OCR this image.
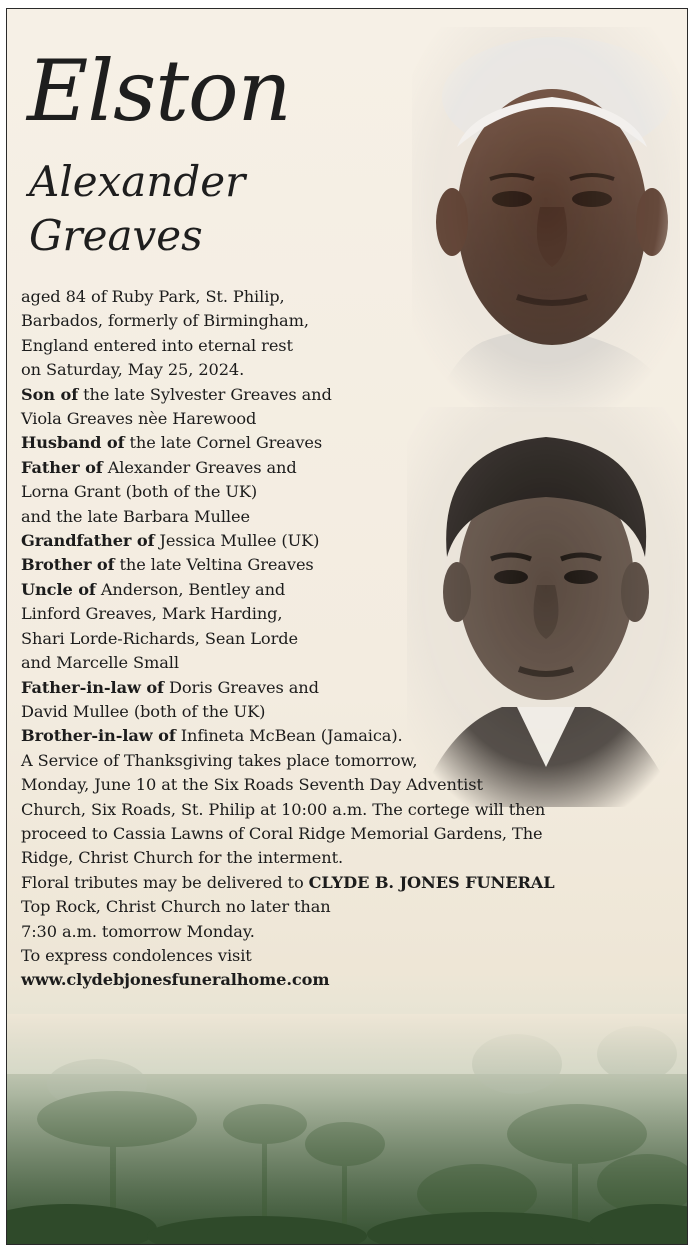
Elston
Alexander
Greaves

aged 84 of Ruby Park, St. Philip,

Barbados, formerly of Birmingham,

England entered into eternal rest

on Saturday, May 25, 2024.

Son of the late Sylvester Greaves and

Viola Greaves nèe Harewood

Husband of the late Cornel Greaves

Father of Alexander Greaves and

Lorna Grant (both of the UK)

and the late Barbara Mullee

Grandfather of Jessica Mullee (UK)

Brother of the late Veltina Greaves

Uncle of Anderson, Bentley and

Linford Greaves, Mark Harding,

Shari Lorde-Richards, Sean Lorde

and Marcelle Small

Father-in-law of Doris Greaves and

David Mullee (both of the UK)

Brother-in-law of Infineta McBean (Jamaica).

A Service of Thanksgiving takes place tomorrow,

Monday, June 10 at the Six Roads Seventh Day Adventist

Church, Six Roads, St. Philip at 10:00 a.m. The cortege will then

proceed to Cassia Lawns of Coral Ridge Memorial Gardens, The

Ridge, Christ Church for the interment.

Floral tributes may be delivered to CLYDE B. JONES FUNERAL

Top Rock, Christ Church no later than

7:30 a.m. tomorrow Monday.

To express condolences visit

www.clydebjonesfuneralhome.com
